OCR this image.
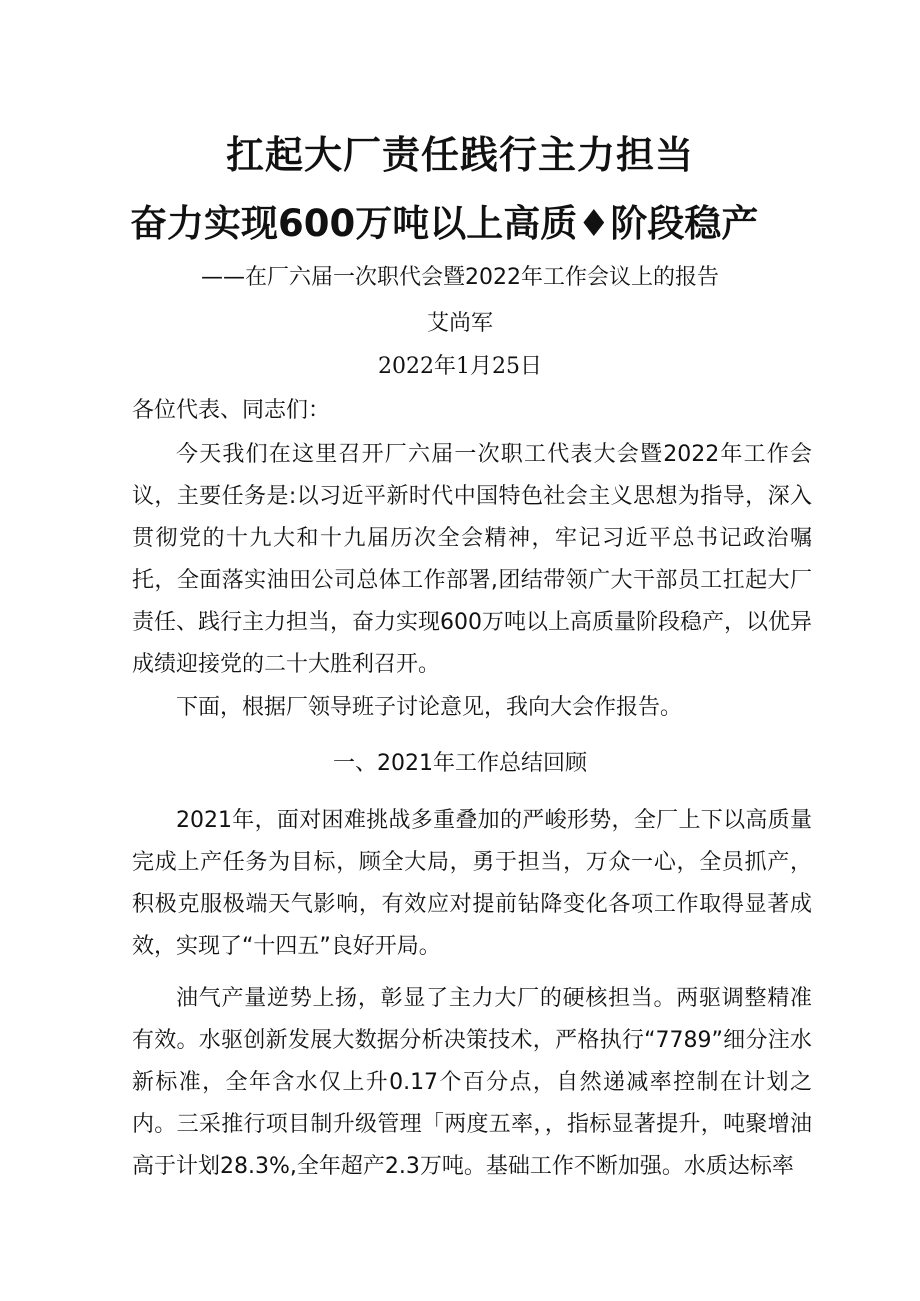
扛起大厂责任践行主力担当
奋力实现600万吨以上高质♦阶段稳产
——在厂六届一次职代会暨2022年工作会议上的报告
艾尚军
2022年1月25日
各位代表、同志们：

今天我们在这里召开厂六届一次职工代表大会暨2022年工作会议，主要任务是:以习近平新时代中国特色社会主义思想为指导，深入贯彻党的十九大和十九届历次全会精神，牢记习近平总书记政治嘱托，全面落实油田公司总体工作部署,团结带领广大干部员工扛起大厂责任、践行主力担当，奋力实现600万吨以上高质量阶段稳产，以优异成绩迎接党的二十大胜利召开。

下面，根据厂领导班子讨论意见，我向大会作报告。

一、2021年工作总结回顾

2021年，面对困难挑战多重叠加的严峻形势，全厂上下以高质量完成上产任务为目标，顾全大局，勇于担当，万众一心，全员抓产，积极克服极端天气影响，有效应对提前钻降变化各项工作取得显著成效，实现了“十四五”良好开局。

油气产量逆势上扬，彰显了主力大厂的硬核担当。两驱调整精准有效。水驱创新发展大数据分析决策技术，严格执行“7789”细分注水新标准，全年含水仅上升0.17个百分点，自然递减率控制在计划之内。三采推行项目制升级管理「两度五率，，指标显著提升，吨聚增油高于计划28.3%,全年超产2.3万吨。基础工作不断加强。水质达标率
